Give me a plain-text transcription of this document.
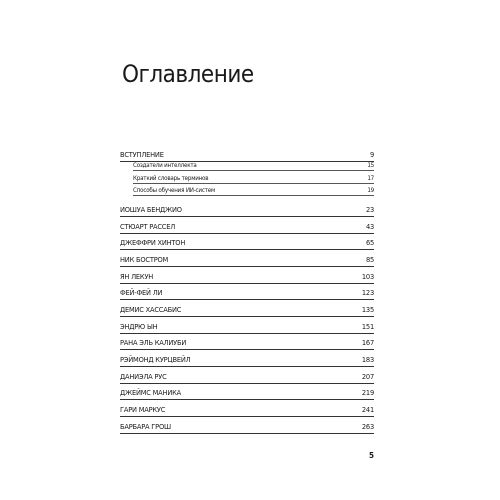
Оглавление
ВСТУПЛЕНИЕ	9
Создатели интеллекта	15
Краткий словарь терминов	17
Способы обучения ИИ-систем	19
ИОШУА БЕНДЖИО	23
СТЮАРТ РАССЕЛ	43
ДЖЕФФРИ ХИНТОН	65
НИК БОСТРОМ	85
ЯН ЛЕКУН	103
ФЕЙ-ФЕЙ ЛИ	123
ДЕМИС ХАССАБИС	135
ЭНДРЮ ЫН	151
РАНА ЭЛЬ КАЛИУБИ	167
РЭЙМОНД КУРЦВЕЙЛ	183
ДАНИЭЛА РУС	207
ДЖЕЙМС МАНИКА	219
ГАРИ МАРКУС	241
БАРБАРА ГРОШ	263
5
